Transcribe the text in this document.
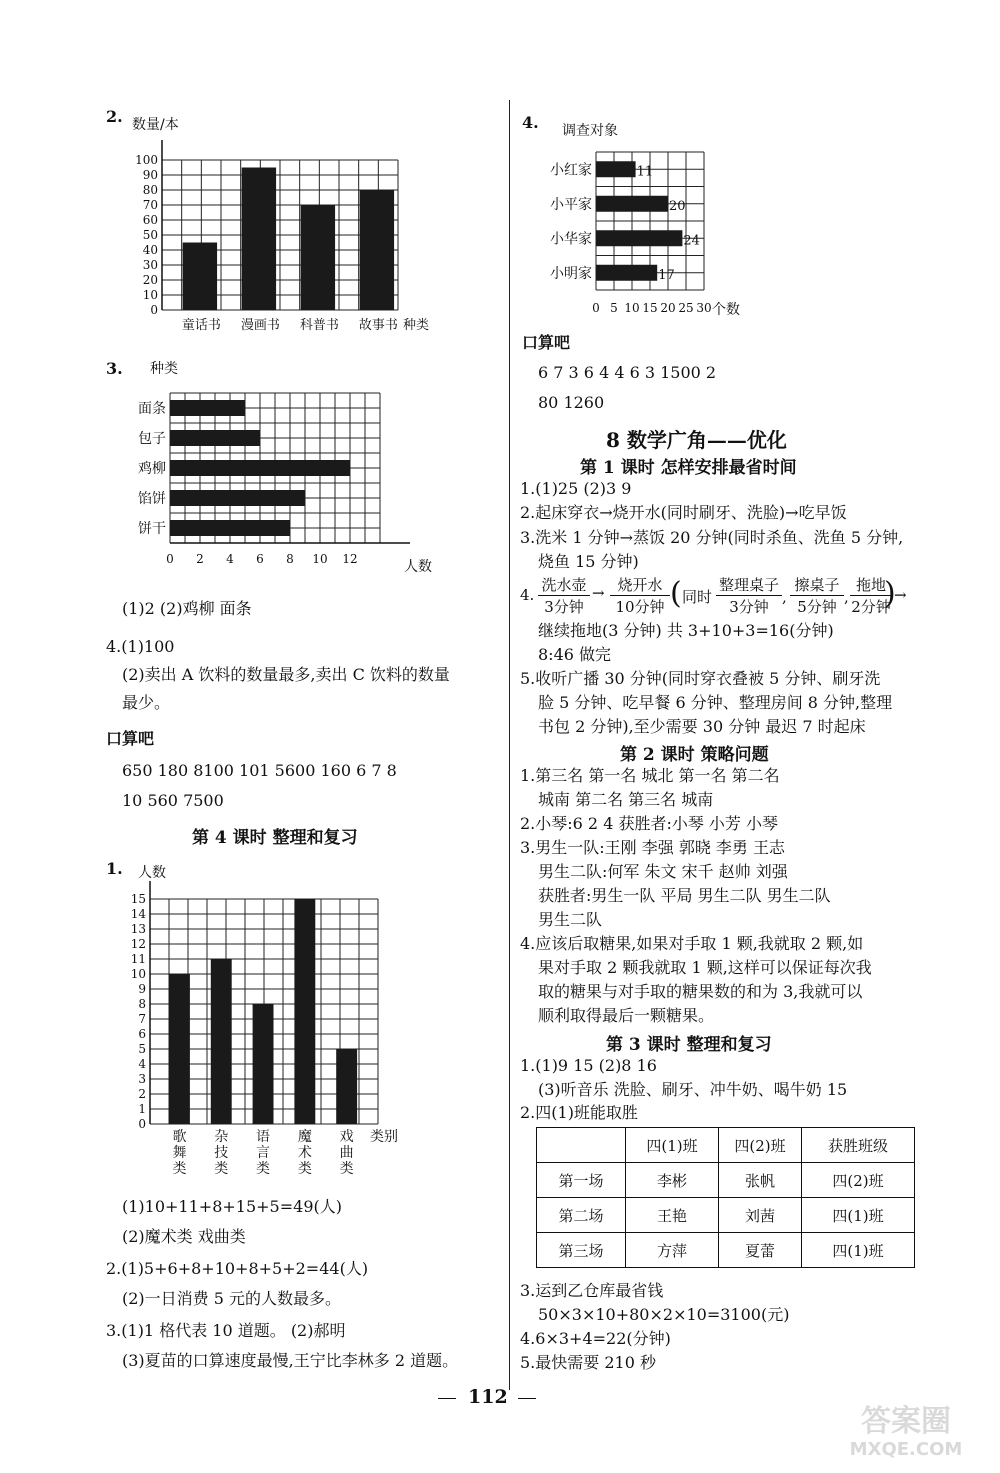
2. 数量/本
100
90
80
70
60
50
40
30
20
10
0
童话书 漫画书 科普书 故事书 种类
3. 种类
面条
包子
鸡柳
馅饼
饼干
0 2 4 6 8 10 12	人数
(1)2 (2)鸡柳 面条
4.(1)100
(2)卖出 A 饮料的数量最多,卖出 C 饮料的数量
最少。
口算吧
650 180 8100 101 5600 160 6 7 8
10 560 7500
第 4 课时 整理和复习
1. 人数
15
14
13
12
11
10
9
8
7
6
5
4
3
2
1
0
歌舞类
杂技类
语言类
魔术类
戏曲类
类别
(1)10+11+8+15+5=49(人)
(2)魔术类 戏曲类
2.(1)5+6+8+10+8+5+2=44(人)
(2)一日消费 5 元的人数最多。
3.(1)1 格代表 10 道题。 (2)郝明
(3)夏苗的口算速度最慢,王宁比李林多 2 道题。
4. 调查对象
11
小红家
20
小平家
24
小华家
17
小明家
0 5 10 15 20 25 30 个数
口算吧
6 7 3 6 4 4 6 3 1500 2
80 1260
8 数学广角——优化
第 1 课时 怎样安排最省时间
1.(1)25 (2)3 9
2.起床穿衣→烧开水(同时刷牙、洗脸)→吃早饭
3.洗米 1 分钟→蒸饭 20 分钟(同时杀鱼、洗鱼 5 分钟,
烧鱼 15 分钟)
4.
洗水壶
3分钟
→ 烧开水
10分钟 ( 同时
整理桌子
3分钟
,
擦桌子
5分钟
,
拖地
2分钟
)
→
继续拖地(3 分钟) 共 3+10+3=16(分钟)
8:46 做完
5.收听广播 30 分钟(同时穿衣叠被 5 分钟、刷牙洗
脸 5 分钟、吃早餐 6 分钟、整理房间 8 分钟,整理
书包 2 分钟),至少需要 30 分钟 最迟 7 时起床
第 2 课时 策略问题
1.第三名 第一名 城北 第一名 第二名
城南 第二名 第三名 城南
2.小琴:6 2 4 获胜者:小琴 小芳 小琴
3.男生一队:王刚 李强 郭晓 李勇 王志
男生二队:何军 朱文 宋千 赵帅 刘强
获胜者:男生一队 平局 男生二队 男生二队
男生二队
4.应该后取糖果,如果对手取 1 颗,我就取 2 颗,如
果对手取 2 颗我就取 1 颗,这样可以保证每次我
取的糖果与对手取的糖果数的和为 3,我就可以
顺利取得最后一颗糖果。
第 3 课时 整理和复习
1.(1)9 15 (2)8 16
(3)听音乐 洗脸、刷牙、冲牛奶、喝牛奶 15
2.四(1)班能取胜
	四(1)班	四(2)班	获胜班级
第一场	李彬	张帆	四(2)班
第二场	王艳	刘茜	四(1)班
第三场	方萍	夏蕾	四(1)班
3.运到乙仓库最省钱
50×3×10+80×2×10=3100(元)
4.6×3+4=22(分钟)
5.最快需要 210 秒
112
答案圈
MXQE.COM
